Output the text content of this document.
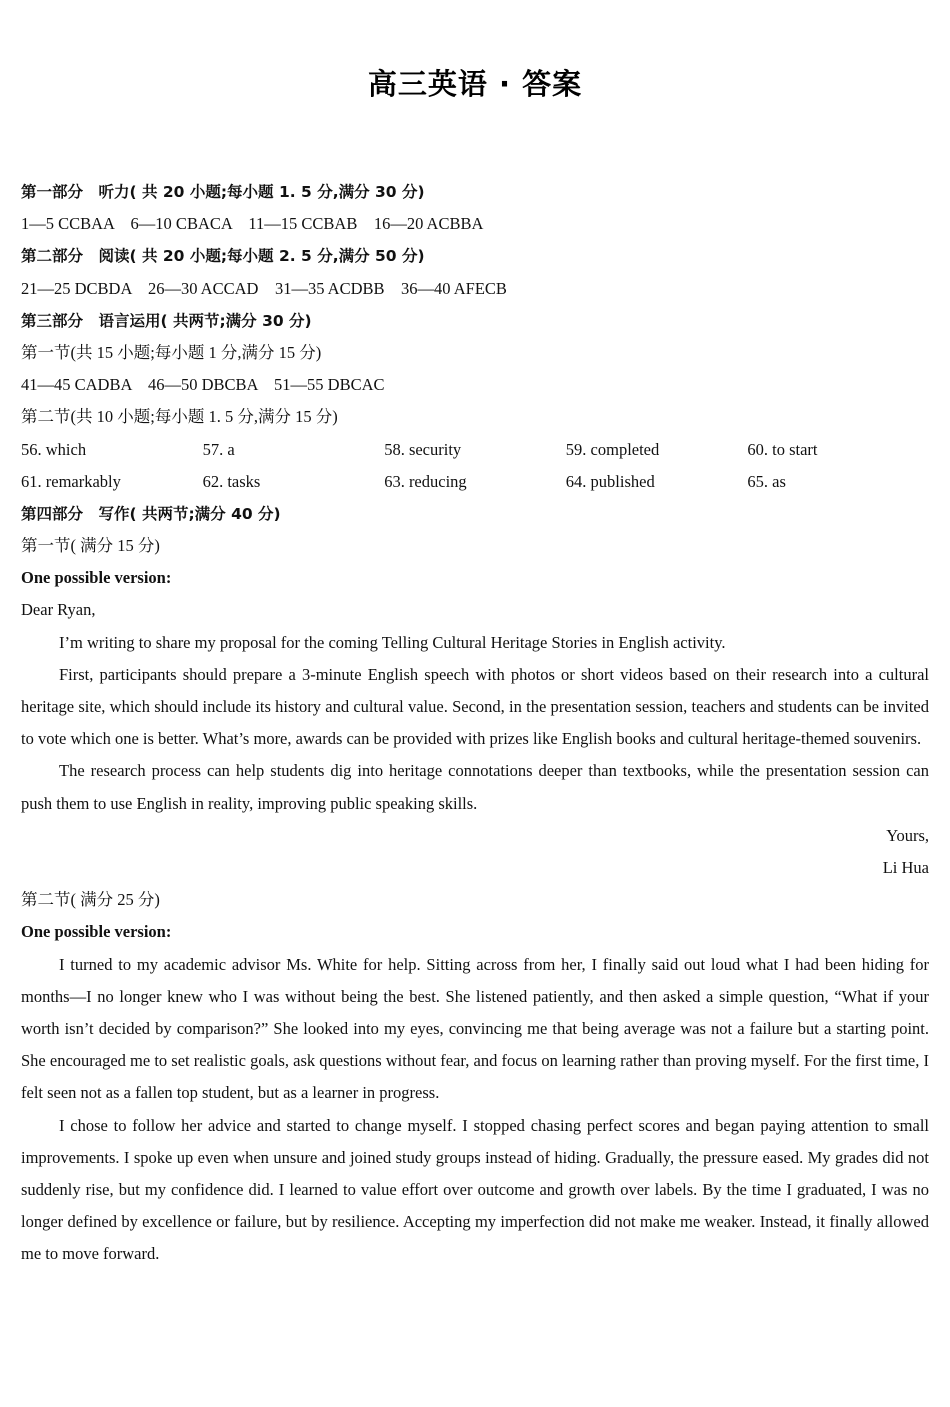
高三英语 · 答案
第一部分　听力( 共 20 小题;每小题 1. 5 分,满分 30 分)
1—5 CCBAA　6—10 CBACA　11—15 CCBAB　16—20 ACBBA
第二部分　阅读( 共 20 小题;每小题 2. 5 分,满分 50 分)
21—25 DCBDA　26—30 ACCAD　31—35 ACDBB　36—40 AFECB
第三部分　语言运用( 共两节;满分 30 分)
第一节(共 15 小题;每小题 1 分,满分 15 分)
41—45 CADBA　46—50 DBCBA　51—55 DBCAC
第二节(共 10 小题;每小题 1. 5 分,满分 15 分)
56. which	57. a	58. security	59. completed	60. to start
61. remarkably	62. tasks	63. reducing	64. published	65. as
第四部分　写作( 共两节;满分 40 分)
第一节( 满分 15 分)
One possible version:
Dear Ryan,

I’m writing to share my proposal for the coming Telling Cultural Heritage Stories in English activity.

First, participants should prepare a 3-minute English speech with photos or short videos based on their research into a cultural heritage site, which should include its history and cultural value. Second, in the presentation session, teachers and students can be invited to vote which one is better. What’s more, awards can be provided with prizes like English books and cultural heritage-themed souvenirs.

The research process can help students dig into heritage connotations deeper than textbooks, while the presentation session can push them to use English in reality, improving public speaking skills.

Yours,
Li Hua
第二节( 满分 25 分)
One possible version:

I turned to my academic advisor Ms. White for help. Sitting across from her, I finally said out loud what I had been hiding for months—I no longer knew who I was without being the best. She listened patiently, and then asked a simple question, “What if your worth isn’t decided by comparison?” She looked into my eyes, convincing me that being average was not a failure but a starting point. She encouraged me to set realistic goals, ask questions without fear, and focus on learning rather than proving myself. For the first time, I felt seen not as a fallen top student, but as a learner in progress.

I chose to follow her advice and started to change myself. I stopped chasing perfect scores and began paying attention to small improvements. I spoke up even when unsure and joined study groups instead of hiding. Gradually, the pressure eased. My grades did not suddenly rise, but my confidence did. I learned to value effort over outcome and growth over labels. By the time I graduated, I was no longer defined by excellence or failure, but by resilience. Accepting my imperfection did not make me weaker. Instead, it finally allowed me to move forward.
